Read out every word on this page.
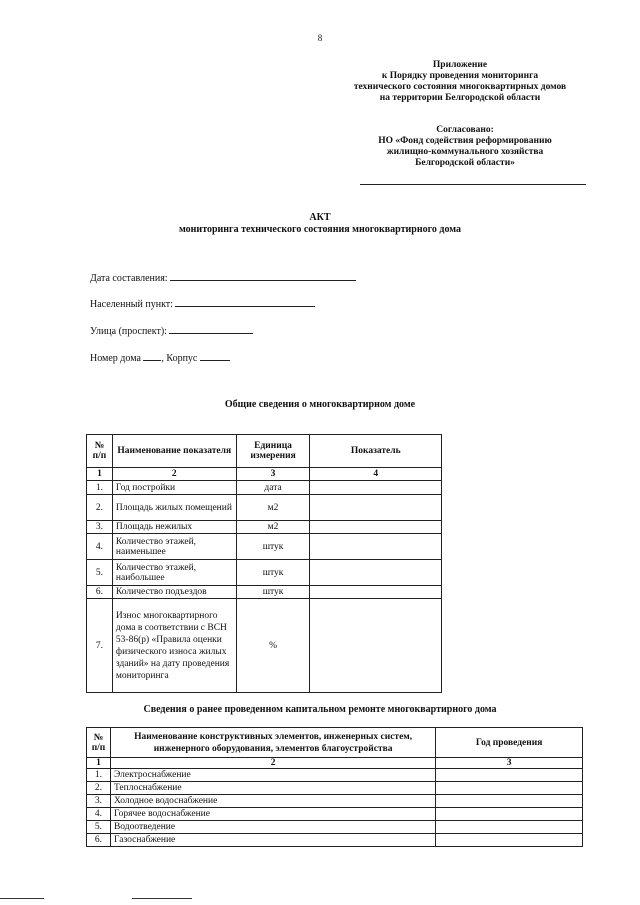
8
Приложение
к Порядку проведения мониторинга
технического состояния многоквартирных домов
на территории Белгородской области
Согласовано:
НО «Фонд содействия реформированию
жилищно-коммунального хозяйства
Белгородской области»
АКТ
мониторинга технического состояния многоквартирного дома
Дата составления:
Населенный пункт:
Улица (проспект):
Номер дома , Корпус
Общие сведения о многоквартирном доме
№ п/п	Наименование показателя	Единица измерения	Показатель
1	2	3	4
1.	Год постройки	дата	
2.	Площадь жилых помещений	м2	
3.	Площадь нежилых	м2	
4.	Количество этажей, наименьшее	штук	
5.	Количество этажей, наибольшее	штук	
6.	Количество подъездов	штук	
7.	Износ многоквартирного дома в соответствии с ВСН 53-86(р) «Правила оценки физического износа жилых зданий» на дату проведения мониторинга	%	
Сведения о ранее проведенном капитальном ремонте многоквартирного дома
№ п/п	Наименование конструктивных элементов, инженерных систем, инженерного оборудования, элементов благоустройства	Год проведения
1	2	3
1.	Электроснабжение	
2.	Теплоснабжение	
3.	Холодное водоснабжение	
4.	Горячее водоснабжение	
5.	Водоотведение	
6.	Газоснабжение	
